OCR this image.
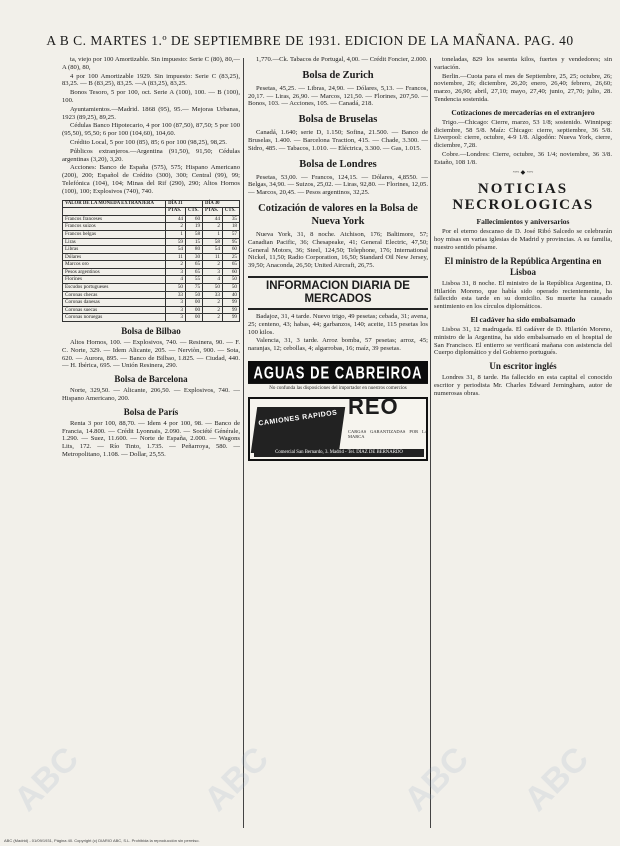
A B C. MARTES 1.º DE SEPTIEMBRE DE 1931. EDICION DE LA MAÑANA. PAG. 40

ta, viejo por 100 Amortizable. Sin impuesto: Serie C (80), 80,—A (80), 80,

4 por 100 Amortizable 1929. Sin impuesto: Serie C (83,25), 83,25. — B (83,25), 83,25. —A (83,25), 83,25.

Bonos Tesoro, 5 por 100, oct. Serie A (100), 100. — B (100), 100.

Ayuntamientos.—Madrid. 1868 (95), 95.— Mejoras Urbanas, 1923 (89,25), 89,25.

Cédulas Banco Hipotecario, 4 por 100 (87,50), 87,50; 5 por 100 (95,50), 95,50; 6 por 100 (104,60), 104,60.

Crédito Local, 5 por 100 (85), 85; 6 por 100 (98,25), 98,25.

Públicos extranjeros.—Argentina (91,50), 91,50; Cédulas argentinas (3,20), 3,20.

Acciones: Banco de España (575), 575; Hispano Americano (200), 200; Español de Crédito (300), 300; Central (99), 99; Telefónica (104), 104; Minas del Rif (290), 290; Altos Hornos (100), 100; Explosivos (740), 740.

VALOR DE LA MONEDA EXTRANJERA	DÍA 31		DÍA 30	
	PTAS.	CTS.	PTAS.	CTS.
Francos franceses	44	60	44	35
Francos suizos	2	19	2	18
Francos belgas	1	58	1	57
Liras	59	15	58	95
Libras	54	80	54	60
Dólares	11	30	11	25
Marcos oro	2	65	2	65
Pesos argentinos	3	65	3	60
Florines	4	55	4	50
Escudos portugueses	50	75	50	50
Coronas checas	33	50	33	40
Coronas danesas	3	00	2	99
Coronas suecas	3	00	2	99
Coronas noruegas	3	00	2	99
Bolsa de Bilbao

Altos Hornos, 100. — Explosivos, 740. — Resinera, 90. — F. C. Norte, 329. — Idem Alicante, 205. — Nerviòn, 900. — Sota, 620. — Aurora, 895. — Banco de Bilbao, 1.825. — Ciudad, 440. — H. Ibérica, 695. — Unión Resinera, 290.

Bolsa de Barcelona

Norte, 329,50. — Alicante, 206,50. — Explosivos, 740. — Hispano Americano, 200.

Bolsa de París

Renta 3 por 100, 88,70. — Idem 4 por 100, 98. — Banco de Francia, 14.800. — Crédit Lyonnais, 2.090. — Société Générale, 1.290. — Suez, 11.600. — Norte de España, 2.000. — Wagons Lits, 172. — Río Tinto, 1.735. — Peñarroya, 580. — Metropolitano, 1.108. — Dollar, 25,55.

1,770.—Ck. Tabacos de Portugal, 4,00. — Crédit Foncier, 2.000.

Bolsa de Zurich

Pesetas, 45,25. — Libras, 24,90. — Dólares, 5,13. — Francos, 20,17. — Liras, 26,90. — Marcos, 121,50. — Florines, 207,50. — Bonos, 103. — Acciones, 105. — Canadá, 218.

Bolsa de Bruselas

Canadá, 1.640; serie D, 1.150; Sofina, 21.500. — Banco de Bruselas, 1.400. — Barcelona Traction, 415. — Chade, 3.300. — Sidro, 485. — Tabacos, 1.010. — Eléctrica, 3.300. — Gas, 1.015.

Bolsa de Londres

Pesetas, 53,00. — Francos, 124,15. — Dólares, 4,8550. — Belgas, 34,90. — Suizos, 25,02. — Liras, 92,80. — Florines, 12,05. — Marcos, 20,45. — Pesos argentinos, 32,25.

Cotización de valores en la Bolsa de Nueva York

Nueva York, 31, 8 noche. Atchison, 176; Baltimore, 57; Canadian Pacific, 36; Chesapeake, 41; General Electric, 47,50; General Motors, 36; Steel, 124,50; Telephone, 176; International Nickel, 11,50; Radio Corporation, 16,50; Standard Oil New Jersey, 39,50; Anaconda, 26,50; United Aircraft, 26,75.

INFORMACION DIARIA DE MERCADOS

Badajoz, 31, 4 tarde. Nuevo trigo, 49 pesetas; cebada, 31; avena, 25; centeno, 43; habas, 44; garbanzos, 140; aceite, 115 pesetas los 100 kilos.

Valencia, 31, 3 tarde. Arroz bomba, 57 pesetas; arroz, 45; naranjas, 12; cebollas, 4; algarrobas, 16; maíz, 39 pesetas.

AGUAS DE CABREIROA
No confunda las disposiciones del importador en nuestros comercios
CAMIONES RAPIDOS REO
CARGAS GARANTIZADAS POR LA MARCA
Comercial San Bernardo, 3. Madrid - Tel. DIAZ DE BERNARDO

toneladas, 829 los sesenta kilos, fuertes y vendedores; sin variación.

Berlin.—Cuota para el mes de Septiembre, 25, 25; octubre, 26; noviembre, 26; diciembre, 26,20; enero, 26,40; febrero, 26,60; marzo, 26,90; abril, 27,10; mayo, 27,40; junio, 27,70; julio, 28. Tendencia sostenida.

Cotizaciones de mercaderías en el extranjero

Trigo.—Chicago: Cierre, marzo, 53 1/8; sostenido. Winnipeg: diciembre, 58 5/8. Maíz: Chicago: cierre, septiembre, 36 5/8. Liverpool: cierre, octubre, 4-9 1/8. Algodón: Nueva York, cierre, diciembre, 7,28.

Cobre.—Londres: Cierre, octubre, 36 1/4; noviembre, 36 3/8. Estaño, 108 1/8.

~~ ◆ ~~
NOTICIAS
NECROLOGICAS
Fallecimientos y aniversarios

Por el eterno descanso de D. José Ribó Salcedo se celebrarán hoy misas en varias iglesias de Madrid y provincias. A su familia, nuestro sentido pésame.

El ministro de la República Argentina en Lisboa

Lisboa 31, 8 noche. El ministro de la República Argentina, D. Hilarión Moreno, que había sido operado recientemente, ha fallecido esta tarde en su domicilio. Su muerte ha causado sentimiento en los círculos diplomáticos.

El cadáver ha sido embalsamado

Lisboa 31, 12 madrugada. El cadáver de D. Hilarión Moreno, ministro de la Argentina, ha sido embalsamado en el hospital de San Francisco. El entierro se verificará mañana con asistencia del Cuerpo diplomático y del Gobierno portugués.

Un escritor inglés

Londres 31, 8 tarde. Ha fallecido en esta capital el conocido escritor y periodista Mr. Charles Edward Jerningham, autor de numerosas obras.

ABC	ABC	ABC ABC
ABC (Madrid) - 01/09/1931, Página 40. Copyright (c) DIARIO ABC, S.L. Prohibida la reproducción sin permiso.
